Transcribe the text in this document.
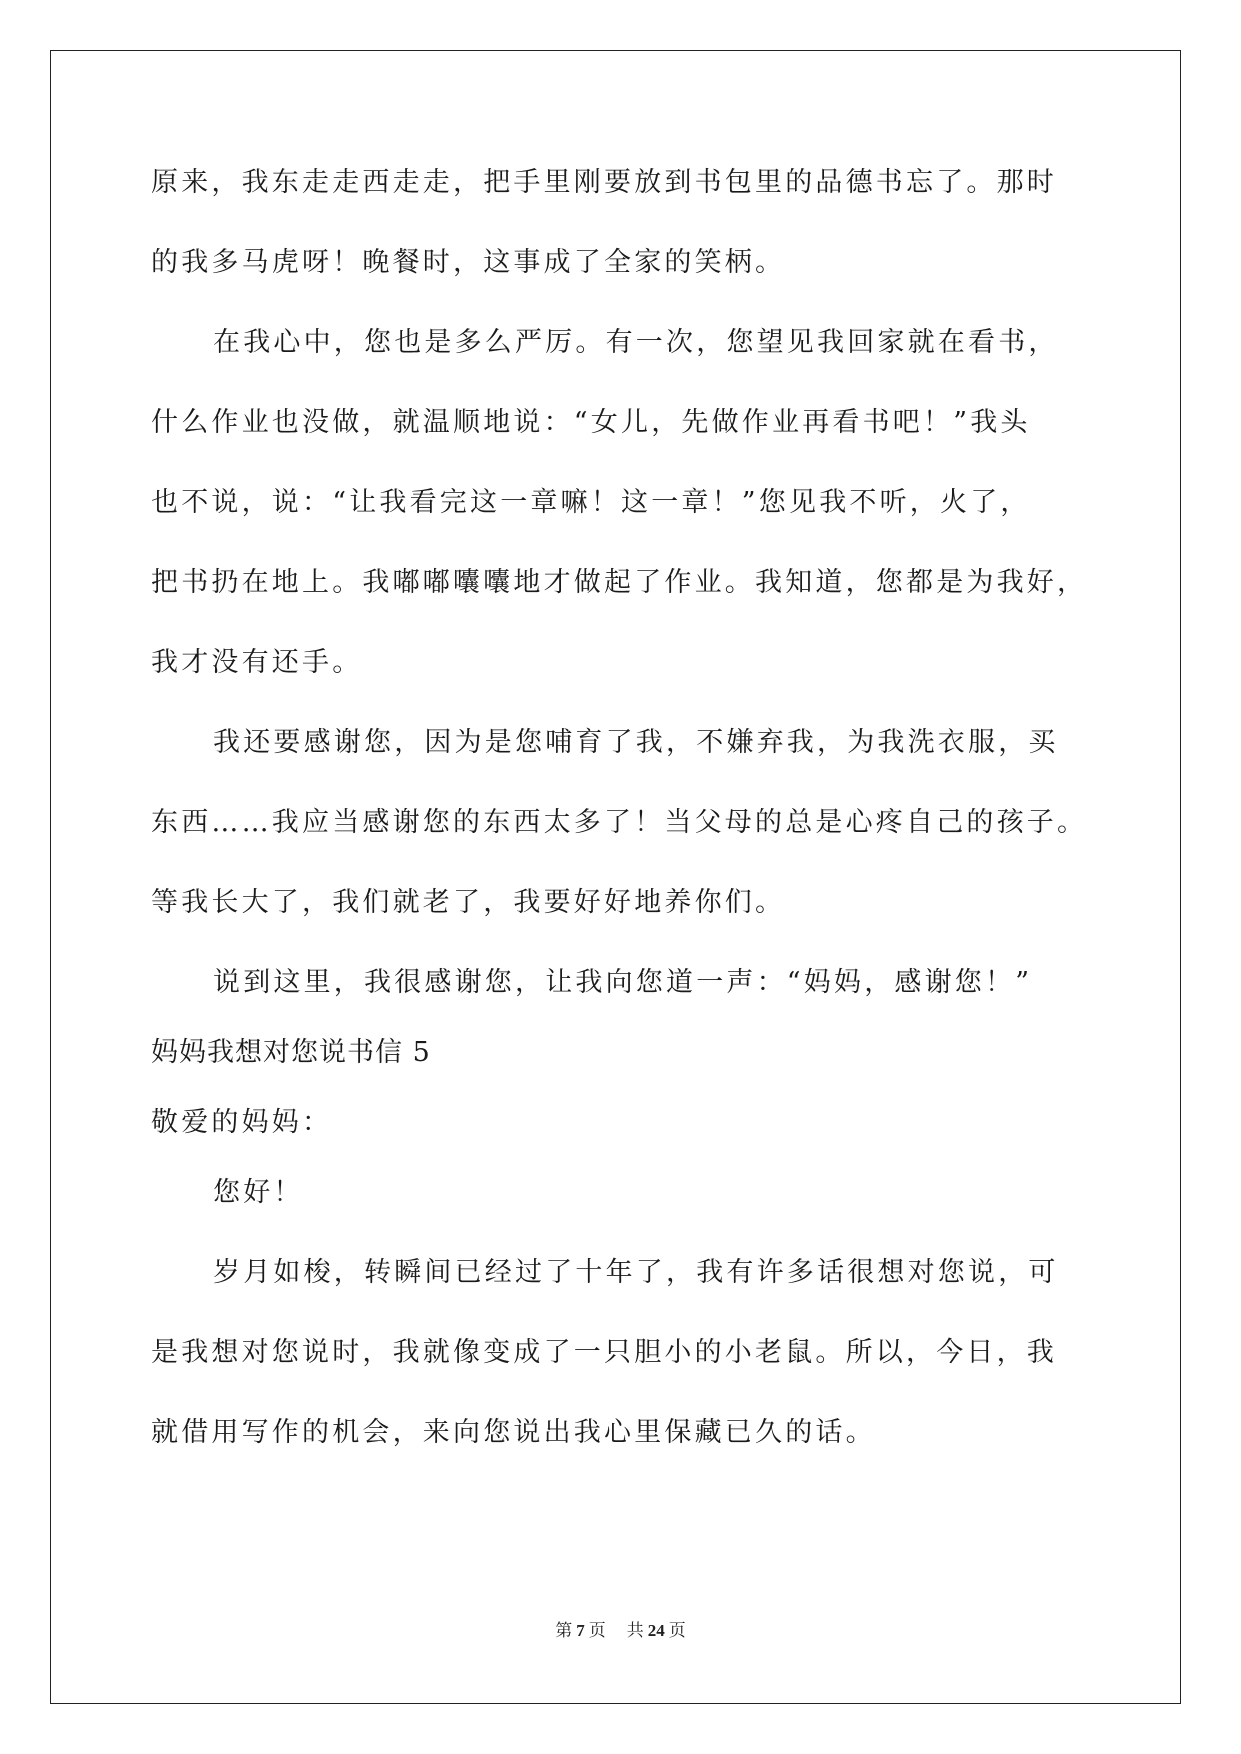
原来，我东走走西走走，把手里刚要放到书包里的品德书忘了。那时

的我多马虎呀！晚餐时，这事成了全家的笑柄。

在我心中，您也是多么严厉。有一次，您望见我回家就在看书，

什么作业也没做，就温顺地说：“女儿，先做作业再看书吧！”我头

也不说，说：“让我看完这一章嘛！这一章！”您见我不听，火了，

把书扔在地上。我嘟嘟囔囔地才做起了作业。我知道，您都是为我好，

我才没有还手。

我还要感谢您，因为是您哺育了我，不嫌弃我，为我洗衣服，买

东西……我应当感谢您的东西太多了！当父母的总是心疼自己的孩子。

等我长大了，我们就老了，我要好好地养你们。

说到这里，我很感谢您，让我向您道一声：“妈妈，感谢您！”

妈妈我想对您说书信 5

敬爱的妈妈：

您好！

岁月如梭，转瞬间已经过了十年了，我有许多话很想对您说，可

是我想对您说时，我就像变成了一只胆小的小老鼠。所以，今日，我

就借用写作的机会，来向您说出我心里保藏已久的话。

第 7 页 共 24 页
